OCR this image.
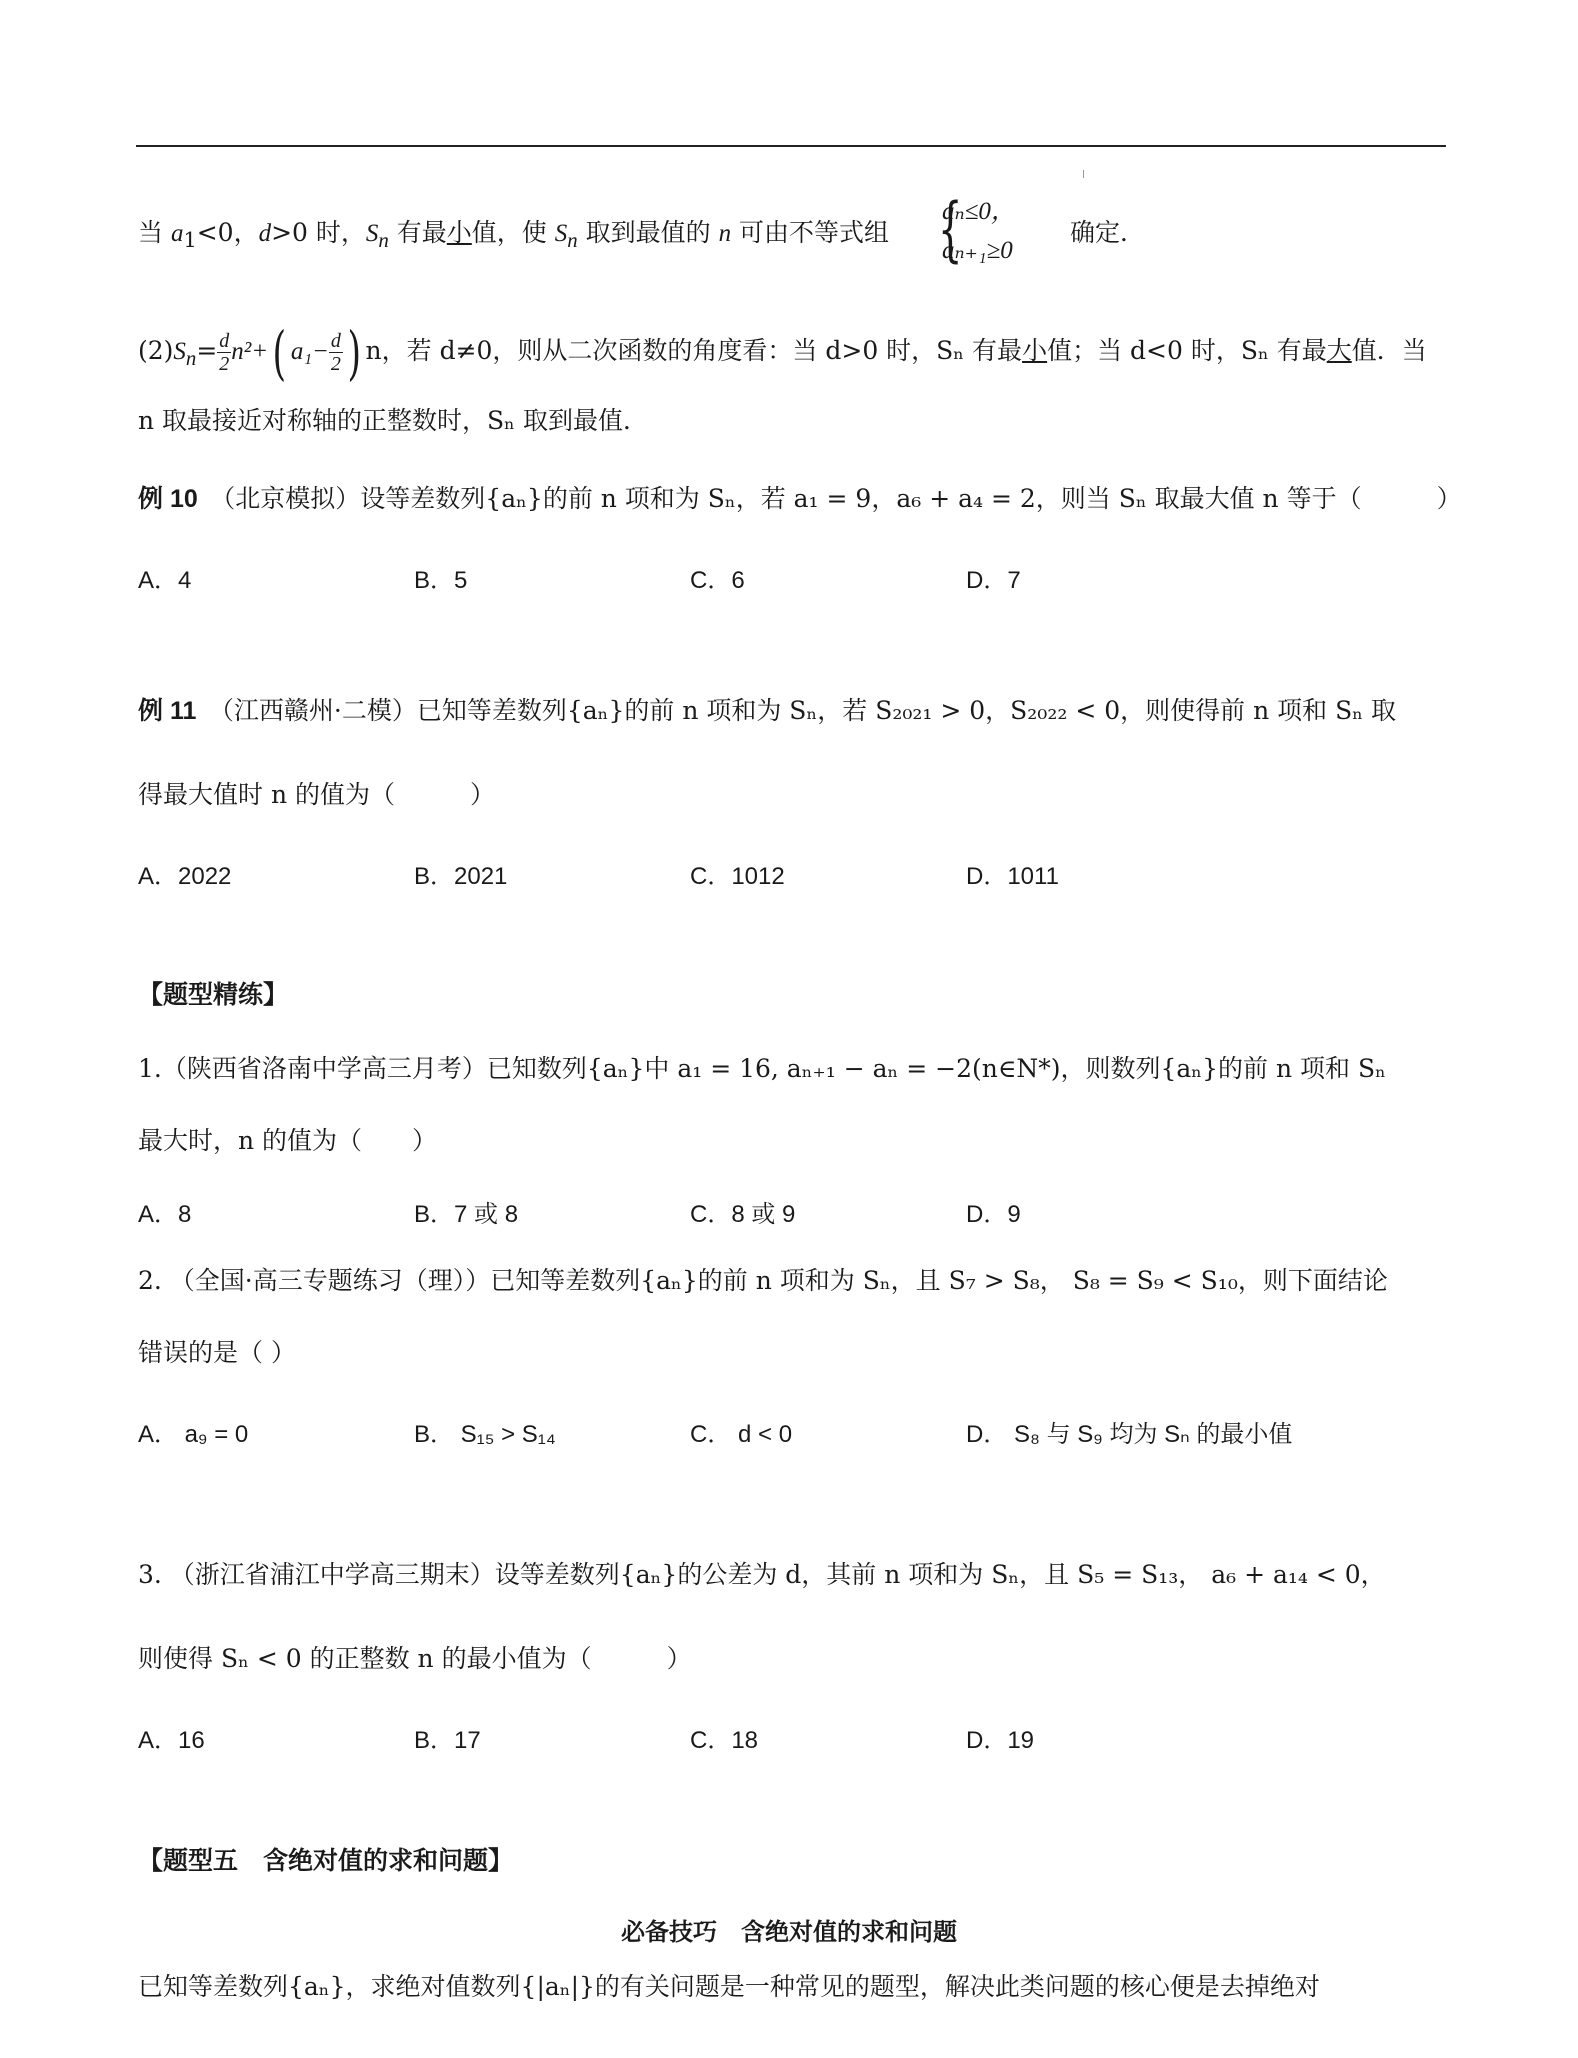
当 $a_1<0$，d>0 时，$S_n$ 有最小值，使 $S_n$ 取到最值的 n 可由不等式组 {
aₙ≤0，
aₙ₊₁≥0
确定．
$(2)S_n= \frac{d}{2} n^2+$( $a_1- \frac{d}{2}$ ) n，若 d≠0，则从二次函数的角度看：当 d>0 时，Sₙ 有最小值；当 d<0 时，Sₙ 有最大值．当
n 取最接近对称轴的正整数时，Sₙ 取到最值．
例 10　 （北京模拟）设等差数列{aₙ}的前 n 项和为 Sₙ，若 a₁ = 9，a₆ + a₄ = 2，则当 Sₙ 取最大值 n 等于（　　　）
A．4	B．5	C．6	D．7
例 11　 （江西赣州·二模）已知等差数列{aₙ}的前 n 项和为 Sₙ，若 S₂₀₂₁ > 0，S₂₀₂₂ < 0，则使得前 n 项和 Sₙ 取
得最大值时 n 的值为（　　　）
A．2022	B．2021	C．1012	D．1011
【题型精练】
1.（陕西省洛南中学高三月考）已知数列{aₙ}中 a₁ = 16, aₙ₊₁ − aₙ = −2(n∈N*)，则数列{aₙ}的前 n 项和 Sₙ
最大时，n 的值为（　　）
A．8	B．7 或 8	C．8 或 9	D．9
2. （全国·高三专题练习（理））已知等差数列{aₙ}的前 n 项和为 Sₙ，且 S₇ > S₈， S₈ = S₉ < S₁₀，则下面结论
错误的是（ ）
A． a₉ = 0	B． S₁₅ > S₁₄	C． d < 0	D． S₈ 与 S₉ 均为 Sₙ 的最小值
3. （浙江省浦江中学高三期末）设等差数列{aₙ}的公差为 d，其前 n 项和为 Sₙ，且 S₅ = S₁₃， a₆ + a₁₄ < 0，
则使得 Sₙ < 0 的正整数 n 的最小值为（　　　）
A．16	B．17	C．18	D．19
【题型五　含绝对值的求和问题】
必备技巧　含绝对值的求和问题
已知等差数列{aₙ}，求绝对值数列{|aₙ|}的有关问题是一种常见的题型，解决此类问题的核心便是去掉绝对
